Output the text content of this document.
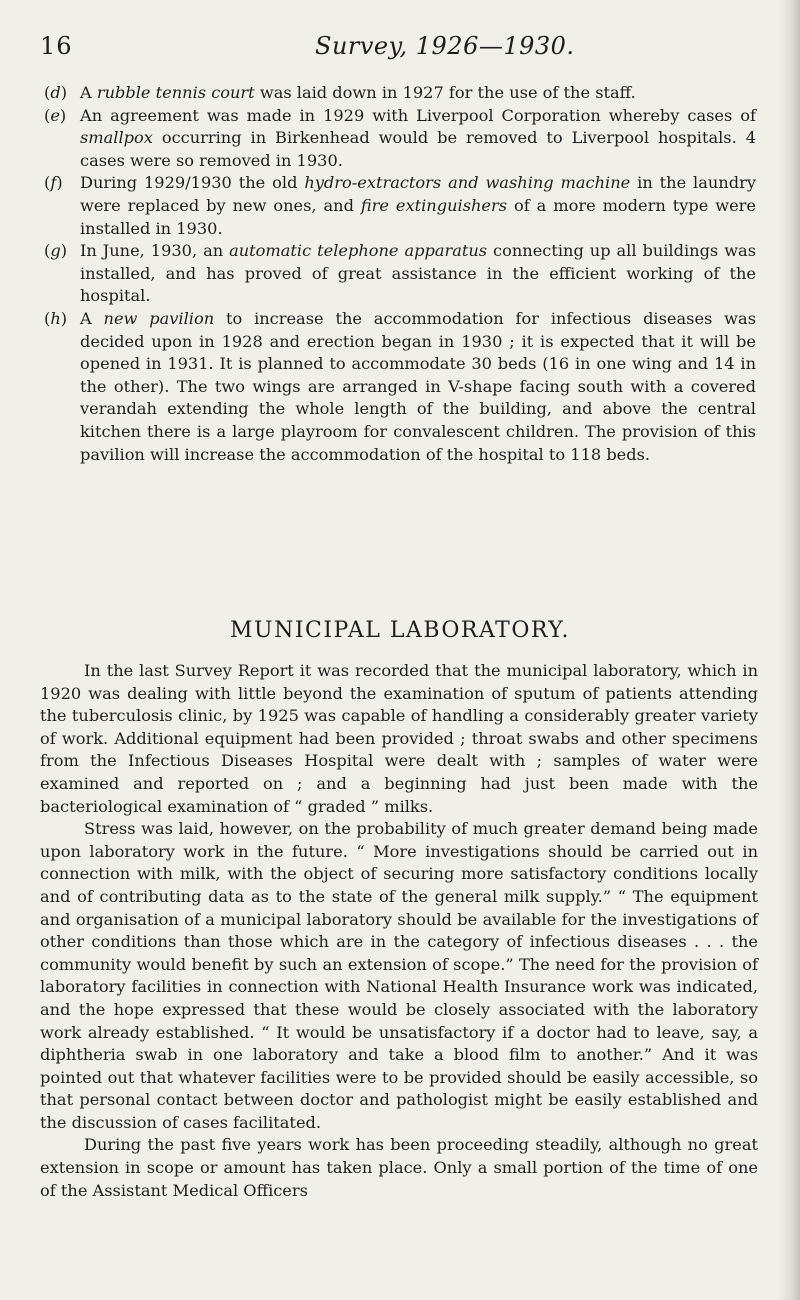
16	Survey, 1926—1930.
(d) A rubble tennis court was laid down in 1927 for the use of the staff.

(e) An agreement was made in 1929 with Liverpool Corporation whereby cases of smallpox occurring in Birkenhead would be removed to Liverpool hospitals. 4 cases were so removed in 1930.

(f) During 1929/1930 the old hydro-extractors and washing machine in the laundry were replaced by new ones, and fire extinguishers of a more modern type were installed in 1930.

(g) In June, 1930, an automatic telephone apparatus connecting up all buildings was installed, and has proved of great assistance in the efficient working of the hospital.

(h) A new pavilion to increase the accommodation for infectious diseases was decided upon in 1928 and erection began in 1930 ; it is expected that it will be opened in 1931. It is planned to accommodate 30 beds (16 in one wing and 14 in the other). The two wings are arranged in V-shape facing south with a covered verandah extending the whole length of the building, and above the central kitchen there is a large playroom for convalescent children. The provision of this pavilion will increase the accommodation of the hospital to 118 beds.

MUNICIPAL LABORATORY.

In the last Survey Report it was recorded that the municipal laboratory, which in 1920 was dealing with little beyond the examination of sputum of patients attending the tuberculosis clinic, by 1925 was capable of handling a considerably greater variety of work. Additional equipment had been provided ; throat swabs and other specimens from the Infectious Diseases Hospital were dealt with ; samples of water were examined and reported on ; and a beginning had just been made with the bacteriological examination of “ graded ” milks.

Stress was laid, however, on the probability of much greater demand being made upon laboratory work in the future. “ More investigations should be carried out in connection with milk, with the object of securing more satisfactory conditions locally and of contributing data as to the state of the general milk supply.” “ The equipment and organisation of a municipal laboratory should be available for the investigations of other conditions than those which are in the category of infectious diseases . . . the community would benefit by such an extension of scope.” The need for the provision of laboratory facilities in connection with National Health Insurance work was indicated, and the hope expressed that these would be closely associated with the laboratory work already established. “ It would be unsatisfactory if a doctor had to leave, say, a diphtheria swab in one laboratory and take a blood film to another.” And it was pointed out that whatever facilities were to be provided should be easily accessible, so that personal contact between doctor and pathologist might be easily established and the discussion of cases facilitated.

During the past five years work has been proceeding steadily, although no great extension in scope or amount has taken place. Only a small portion of the time of one of the Assistant Medical Officers
